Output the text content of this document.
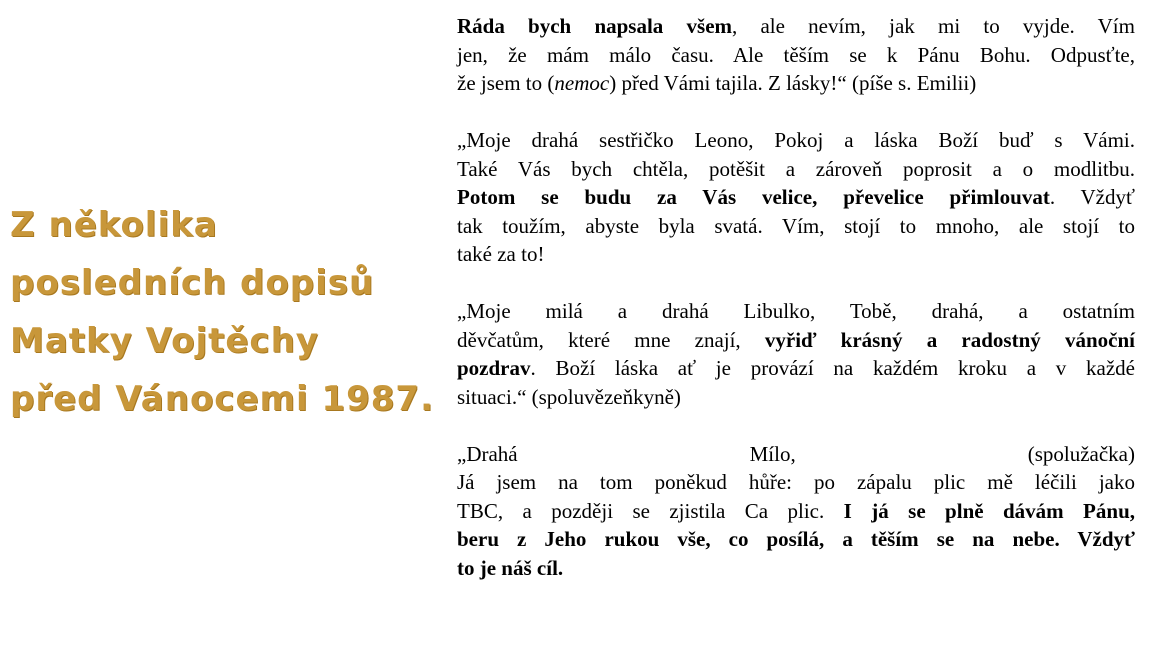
Z několika
posledních dopisů
Matky Vojtěchy
před Vánocemi 1987.
Ráda bych napsala všem, ale nevím, jak mi to vyjde. Vím
jen, že mám málo času. Ale těším se k Pánu Bohu. Odpusťte,
že jsem to (nemoc) před Vámi tajila. Z lásky!“ (píše s. Emilii)
„Moje drahá sestřičko Leono, Pokoj a láska Boží buď s Vámi.
Také Vás bych chtěla, potěšit a zároveň poprosit a o modlitbu.
Potom se budu za Vás velice, převelice přimlouvat. Vždyť
tak toužím, abyste byla svatá. Vím, stojí to mnoho, ale stojí to
také za to!
„Moje milá a drahá Libulko, Tobě, drahá, a ostatním
děvčatům, které mne znají, vyřiď krásný a radostný vánoční
pozdrav. Boží láska ať je provází na každém kroku a v každé
situaci.“ (spoluvězeňkyně)
„Drahá Mílo, (spolužačka)
Já jsem na tom poněkud hůře: po zápalu plic mě léčili jako
TBC, a později se zjistila Ca plic. I já se plně dávám Pánu,
beru z Jeho rukou vše, co posílá, a těším se na nebe. Vždyť
to je náš cíl.
